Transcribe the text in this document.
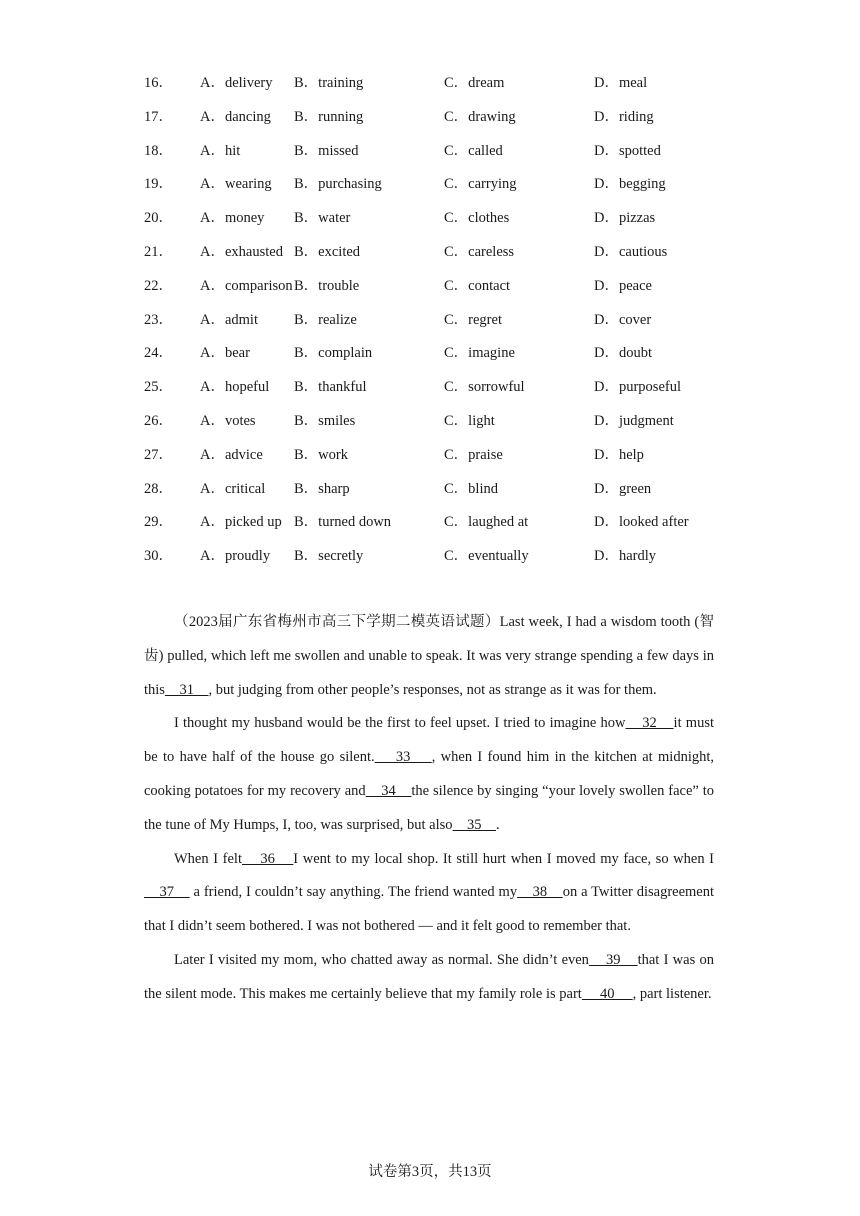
16． A．delivery B．training	C．dream	D．meal
17． A．dancing B．running	C．drawing	D．riding
18． A．hit	B．missed	C．called	D．spotted
19． A．wearing B．purchasing	C．carrying	D．begging
20． A．money B．water	C．clothes	D．pizzas
21． A．exhausted B．excited	C．careless	D．cautious
22． A．comparison B．trouble	C．contact	D．peace
23． A．admit B．realize	C．regret	D．cover
24． A．bear	B．complain	C．imagine	D．doubt
25． A．hopeful B．thankful	C．sorrowful	D．purposeful
26． A．votes	B．smiles	C．light	D．judgment
27． A．advice B．work	C．praise	D．help
28． A．critical B．sharp	C．blind	D．green
29． A．picked up B．turned down	C．laughed at	D．looked after
30． A．proudly B．secretly	C．eventually	D．hardly

（2023届广东省梅州市高三下学期二模英语试题）Last week, I had a wisdom tooth (智齿) pulled, which left me swollen and unable to speak. It was very strange spending a few days in this    31    , but judging from other people’s responses, not as strange as it was for them.

I thought my husband would be the first to feel upset. I tried to imagine how    32    it must be to have half of the house go silent.    33    , when I found him in the kitchen at midnight, cooking potatoes for my recovery and    34    the silence by singing “your lovely swollen face” to the tune of My Humps, I, too, was surprised, but also    35    .

When I felt    36    I went to my local shop. It still hurt when I moved my face, so when I     37     a friend, I couldn’t say anything. The friend wanted my    38    on a Twitter disagreement that I didn’t seem bothered. I was not bothered — and it felt good to remember that.

Later I visited my mom, who chatted away as normal. She didn’t even    39    that I was on the silent mode. This makes me certainly believe that my family role is part     40     , part listener.

试卷第3页，共13页
